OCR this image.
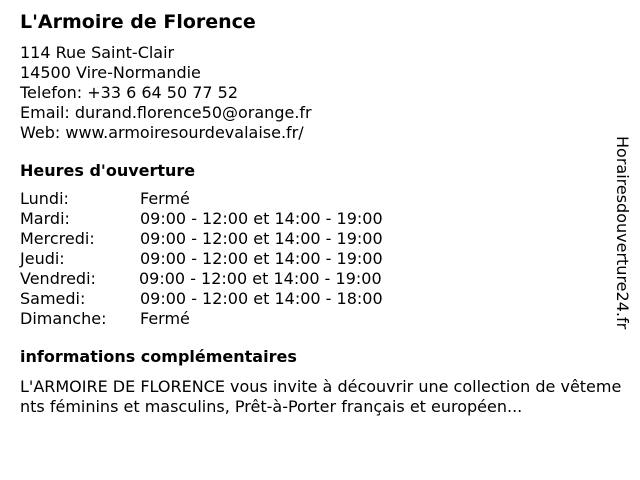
L'Armoire de Florence
114 Rue Saint-Clair
14500 Vire-Normandie
Telefon: +33 6 64 50 77 52
Email: durand.florence50@orange.fr
Web: www.armoiresourdevalaise.fr/
Heures d'ouverture
Lundi:	Fermé
Mardi:	09:00 - 12:00 et 14:00 - 19:00
Mercredi:	09:00 - 12:00 et 14:00 - 19:00
Jeudi:	09:00 - 12:00 et 14:00 - 19:00
Vendredi:	09:00 - 12:00 et 14:00 - 19:00
Samedi:	09:00 - 12:00 et 14:00 - 18:00
Dimanche:	Fermé
informations complémentaires
L'ARMOIRE DE FLORENCE vous invite à découvrir une collection de vêtements féminins et masculins, Prêt-à-Porter français et européen...
Horairesdouverture24.fr
